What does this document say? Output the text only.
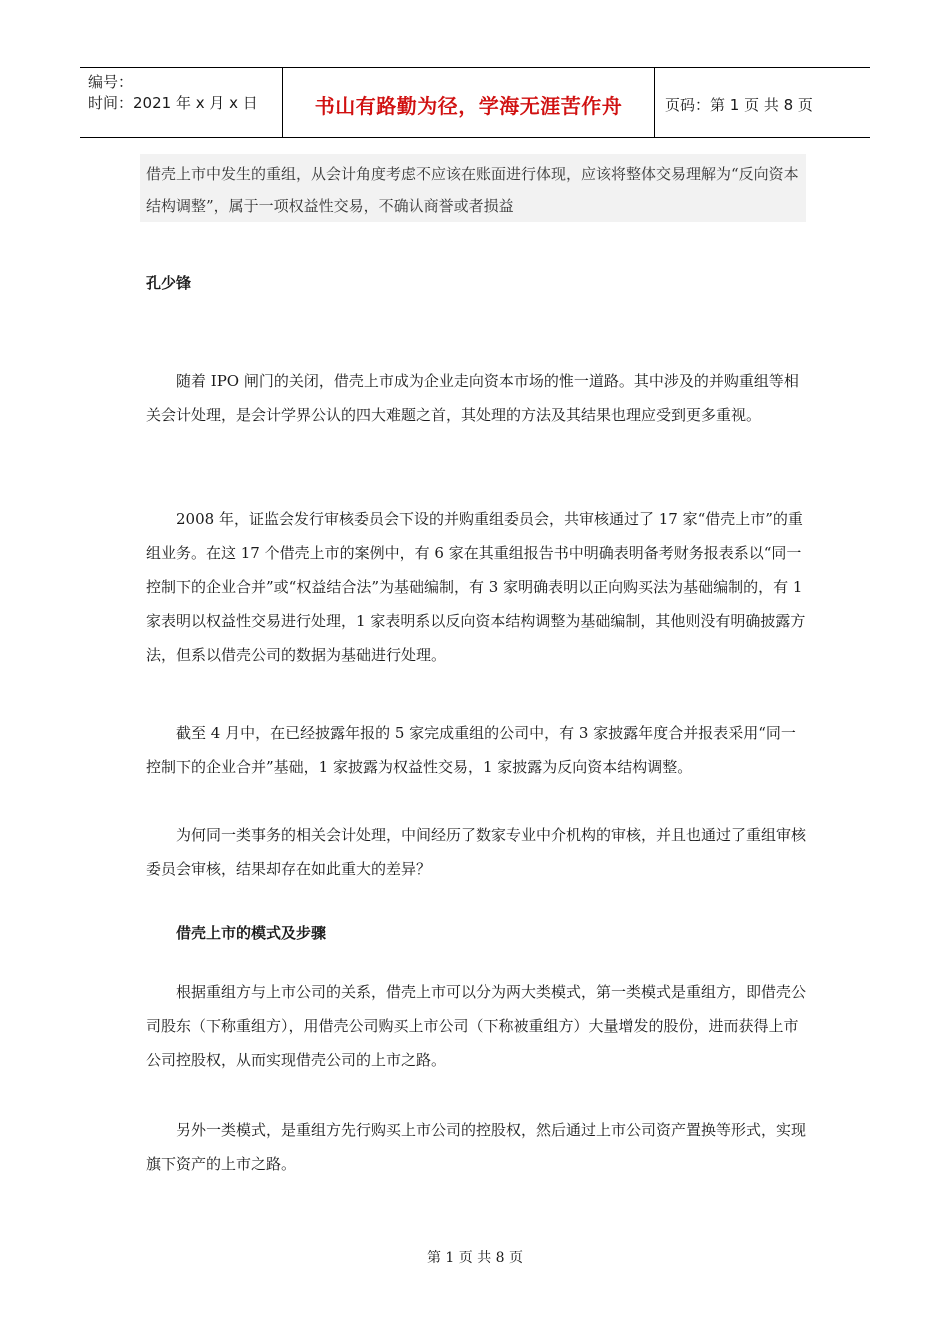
编号：
时间：2021 年 x 月 x 日	书山有路勤为径，学海无涯苦作舟	页码：第 1 页 共 8 页
借壳上市中发生的重组，从会计角度考虑不应该在账面进行体现，应该将整体交易理解为“反向资本结构调整”，属于一项权益性交易，不确认商誉或者损益
孔少锋

随着 IPO 闸门的关闭，借壳上市成为企业走向资本市场的惟一道路。其中涉及的并购重组等相关会计处理，是会计学界公认的四大难题之首，其处理的方法及其结果也理应受到更多重视。

2008 年，证监会发行审核委员会下设的并购重组委员会，共审核通过了 17 家“借壳上市”的重组业务。在这 17 个借壳上市的案例中，有 6 家在其重组报告书中明确表明备考财务报表系以“同一控制下的企业合并”或“权益结合法”为基础编制，有 3 家明确表明以正向购买法为基础编制的，有 1 家表明以权益性交易进行处理，1 家表明系以反向资本结构调整为基础编制，其他则没有明确披露方法，但系以借壳公司的数据为基础进行处理。

截至 4 月中，在已经披露年报的 5 家完成重组的公司中，有 3 家披露年度合并报表采用“同一控制下的企业合并”基础，1 家披露为权益性交易，1 家披露为反向资本结构调整。

为何同一类事务的相关会计处理，中间经历了数家专业中介机构的审核，并且也通过了重组审核委员会审核，结果却存在如此重大的差异？

借壳上市的模式及步骤

根据重组方与上市公司的关系，借壳上市可以分为两大类模式，第一类模式是重组方，即借壳公司股东（下称重组方），用借壳公司购买上市公司（下称被重组方）大量增发的股份，进而获得上市公司控股权，从而实现借壳公司的上市之路。

另外一类模式，是重组方先行购买上市公司的控股权，然后通过上市公司资产置换等形式，实现旗下资产的上市之路。

第 1 页 共 8 页
